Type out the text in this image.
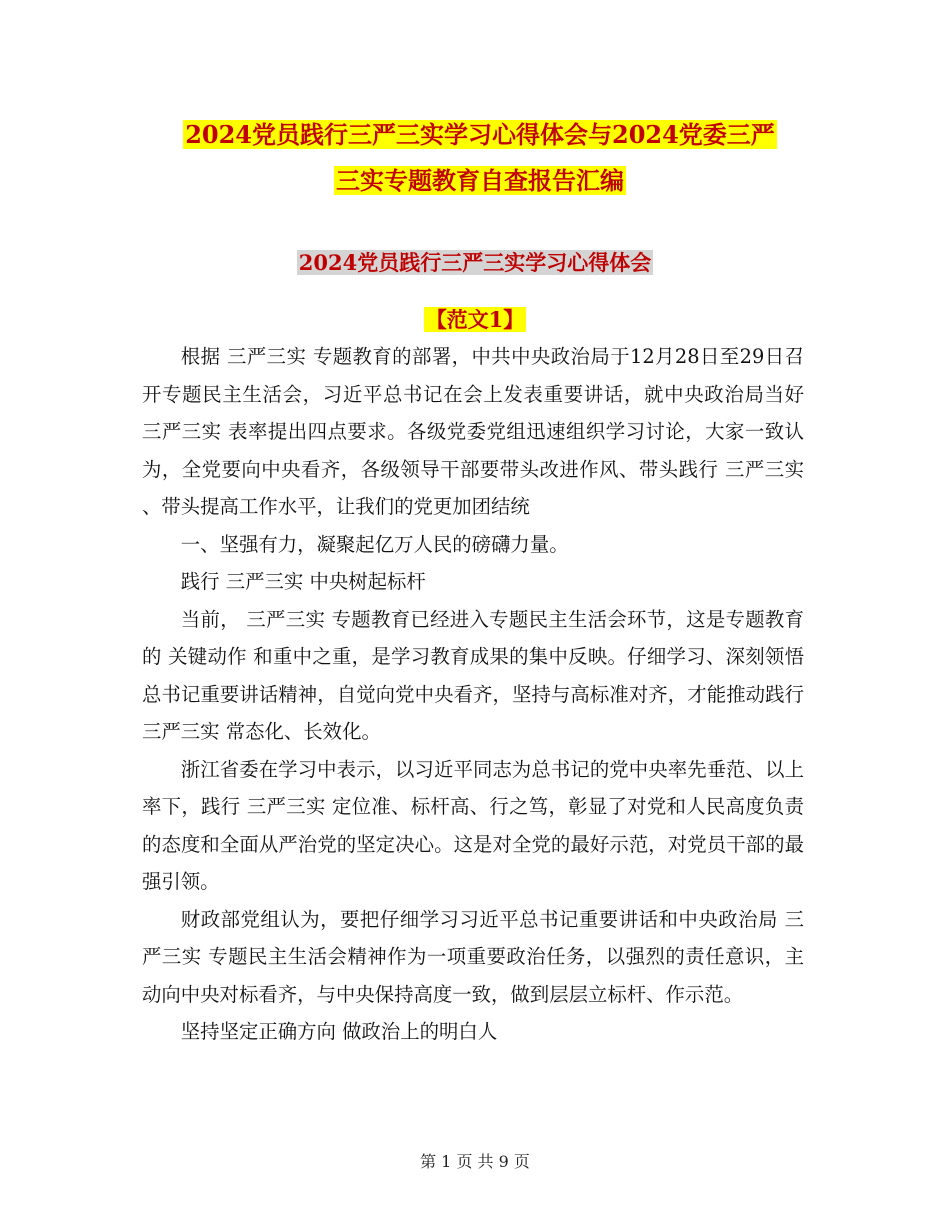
2024党员践行三严三实学习心得体会与2024党委三严
三实专题教育自查报告汇编
2024党员践行三严三实学习心得体会
【范文1】

根据 三严三实 专题教育的部署，中共中央政治局于12月28日至29日召开专题民主生活会，习近平总书记在会上发表重要讲话，就中央政治局当好 三严三实 表率提出四点要求。各级党委党组迅速组织学习讨论，大家一致认为，全党要向中央看齐，各级领导干部要带头改进作风、带头践行 三严三实 、带头提高工作水平，让我们的党更加团结统

一、坚强有力，凝聚起亿万人民的磅礴力量。

践行 三严三实 中央树起标杆

当前， 三严三实 专题教育已经进入专题民主生活会环节，这是专题教育的 关键动作 和重中之重，是学习教育成果的集中反映。仔细学习、深刻领悟总书记重要讲话精神，自觉向党中央看齐，坚持与高标准对齐，才能推动践行 三严三实 常态化、长效化。

浙江省委在学习中表示，以习近平同志为总书记的党中央率先垂范、以上率下，践行 三严三实 定位准、标杆高、行之笃，彰显了对党和人民高度负责的态度和全面从严治党的坚定决心。这是对全党的最好示范，对党员干部的最强引领。

财政部党组认为，要把仔细学习习近平总书记重要讲话和中央政治局 三严三实 专题民主生活会精神作为一项重要政治任务，以强烈的责任意识，主动向中央对标看齐，与中央保持高度一致，做到层层立标杆、作示范。

坚持坚定正确方向 做政治上的明白人

第 1 页 共 9 页
